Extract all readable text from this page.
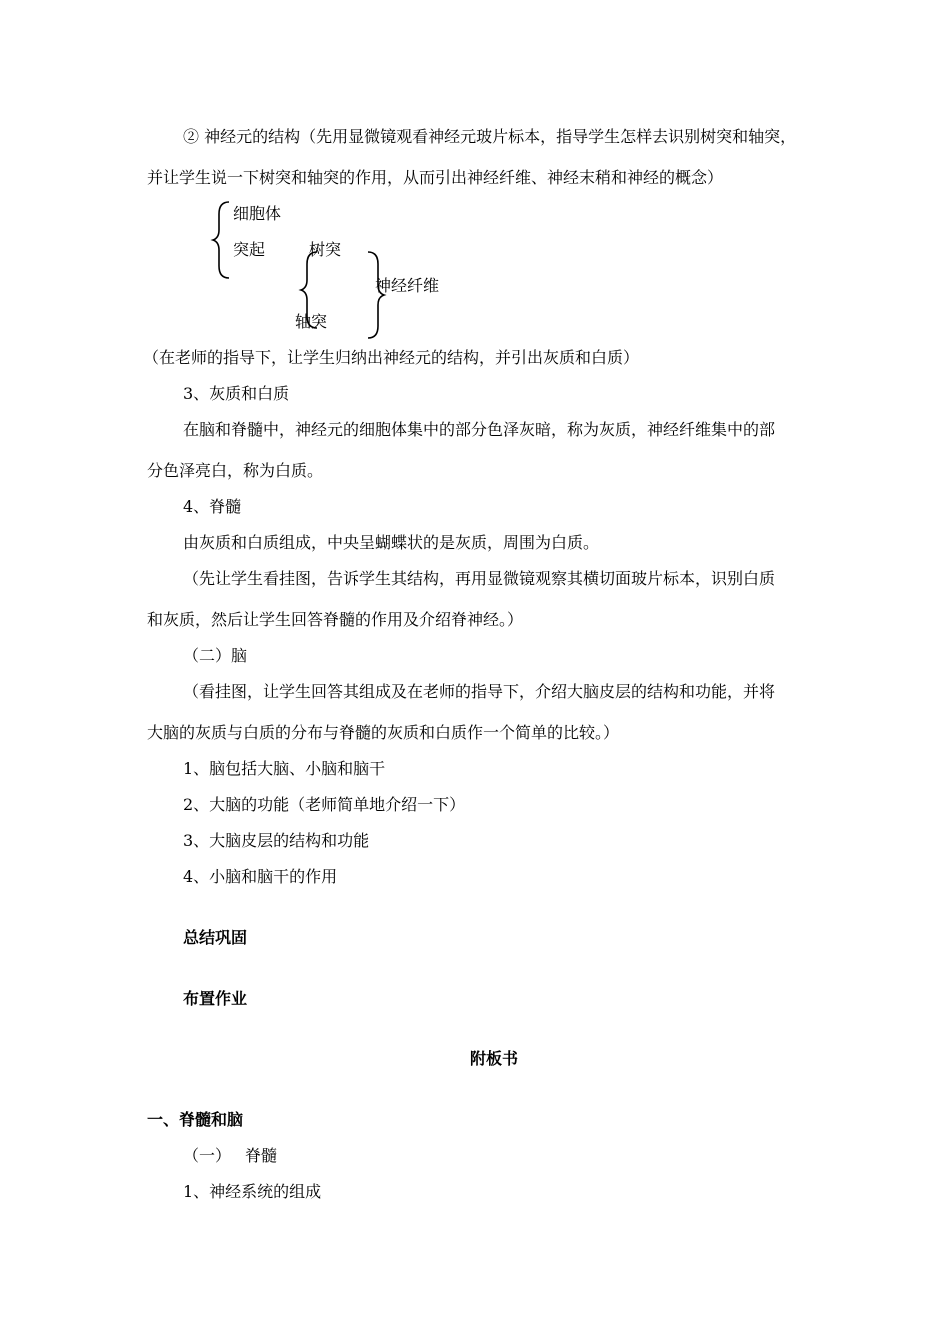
② 神经元的结构（先用显微镜观看神经元玻片标本，指导学生怎样去识别树突和轴突，
并让学生说一下树突和轴突的作用，从而引出神经纤维、神经末稍和神经的概念）
细胞体
突起	树突
轴突
神经纤维
（在老师的指导下，让学生归纳出神经元的结构，并引出灰质和白质）
3、灰质和白质
在脑和脊髓中，神经元的细胞体集中的部分色泽灰暗，称为灰质，神经纤维集中的部
分色泽亮白，称为白质。
4、脊髓
由灰质和白质组成，中央呈蝴蝶状的是灰质，周围为白质。
（先让学生看挂图，告诉学生其结构，再用显微镜观察其横切面玻片标本，识别白质
和灰质，然后让学生回答脊髓的作用及介绍脊神经。）
（二）脑
（看挂图，让学生回答其组成及在老师的指导下，介绍大脑皮层的结构和功能，并将
大脑的灰质与白质的分布与脊髓的灰质和白质作一个简单的比较。）
1、脑包括大脑、小脑和脑干
2、大脑的功能（老师简单地介绍一下）
3、大脑皮层的结构和功能
4、小脑和脑干的作用
总结巩固
布置作业
附板书
一、脊髓和脑
（一） 脊髓
1、神经系统的组成
